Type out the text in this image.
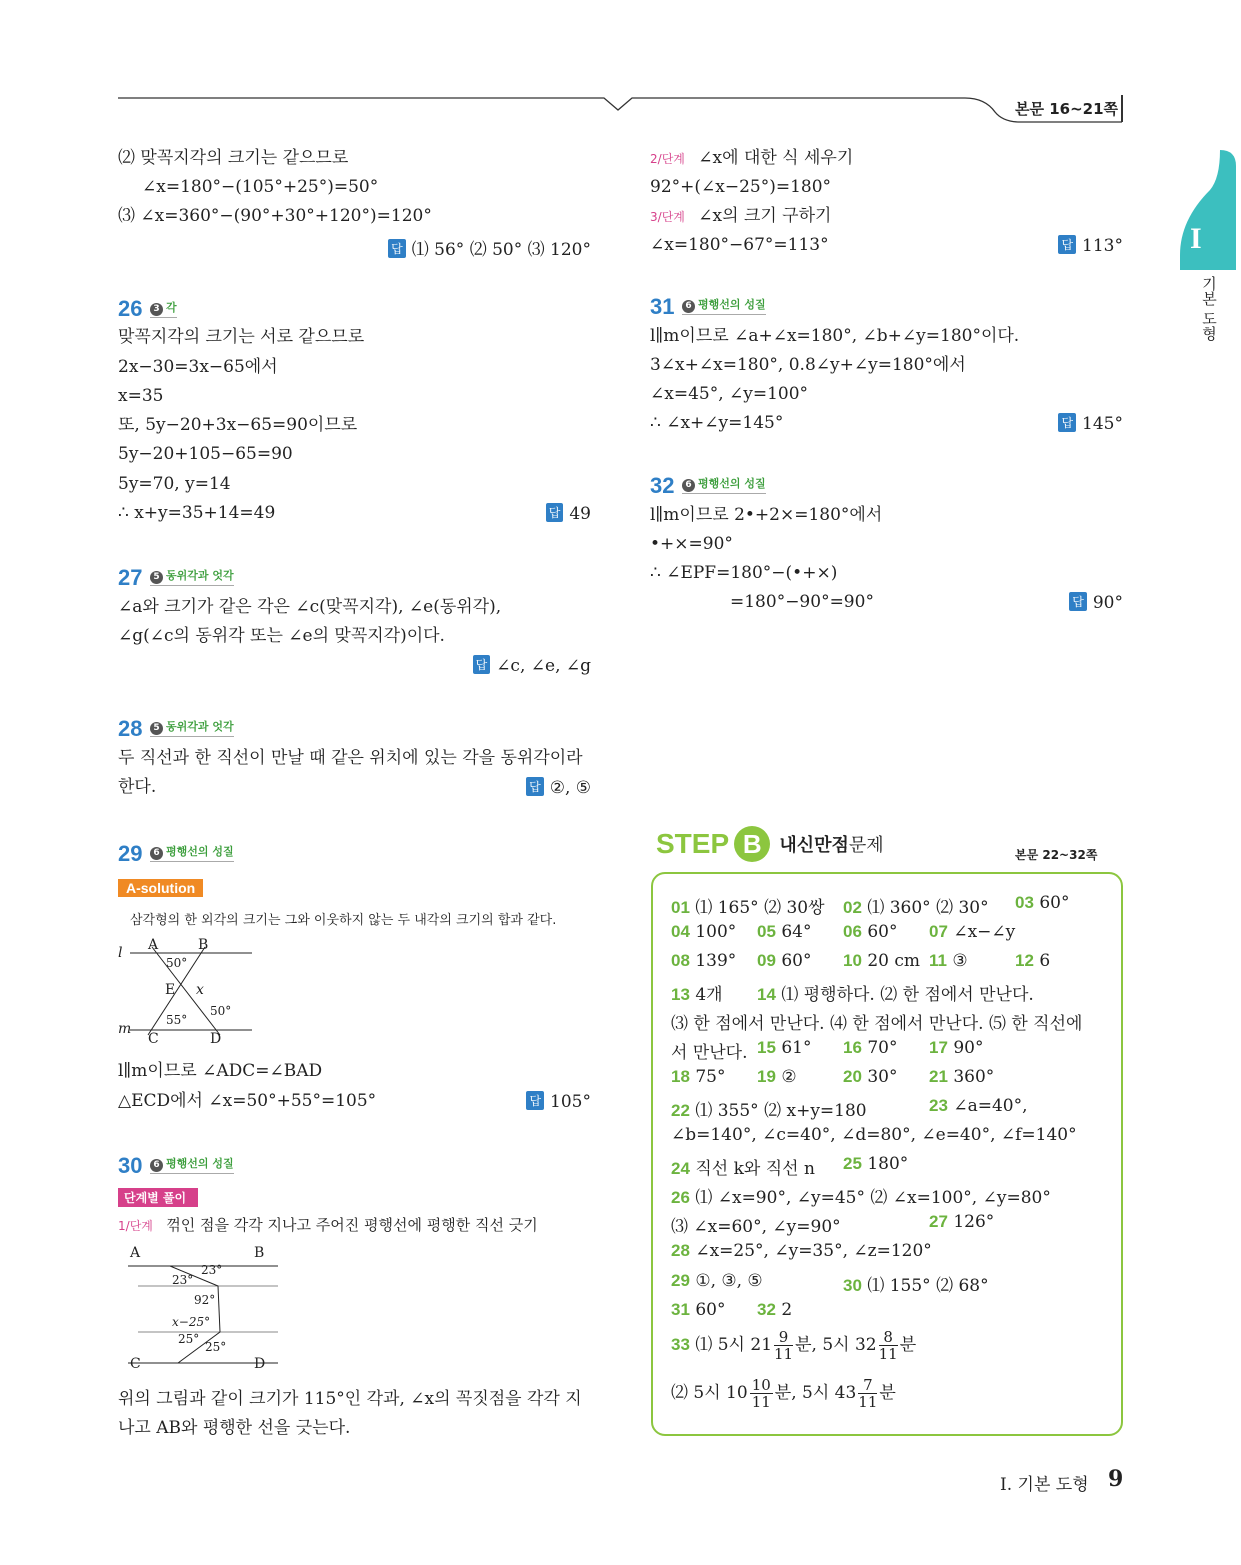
본문 16~21쪽
I
기본 도형
⑵ 맞꼭지각의 크기는 같으므로
∠x=180°−(105°+25°)=50°
⑶ ∠x=360°−(90°+30°+120°)=120°
답 ⑴ 56° ⑵ 50° ⑶ 120°
26	3 각
맞꼭지각의 크기는 서로 같으므로
2x−30=3x−65에서
x=35
또, 5y−20+3x−65=90이므로
5y−20+105−65=90
5y=70, y=14
∴ x+y=35+14=49	답 49
27	5 동위각과 엇각
∠a와 크기가 같은 각은 ∠c(맞꼭지각), ∠e(동위각),
∠g(∠c의 동위각 또는 ∠e의 맞꼭지각)이다.
답 ∠c, ∠e, ∠g
28	5 동위각과 엇각
두 직선과 한 직선이 만날 때 같은 위치에 있는 각을 동위각이라
한다.	답 ②, ⑤
29	6 평행선의 성질
A-solution
삼각형의 한 외각의 크기는 그와 이웃하지 않는 두 내각의 크기의 합과 같다.
l A	B
50°
E x
50°
55°
m
C	D
l∥m이므로 ∠ADC=∠BAD
△ECD에서 ∠x=50°+55°=105°	답 105°
30	6 평행선의 성질
단계별 풀이
1/단계 꺾인 점을 각각 지나고 주어진 평행선에 평행한 직선 긋기
A	B
23°
23°
92°
x−25°
25°
25°
C	D
위의 그림과 같이 크기가 115°인 각과, ∠x의 꼭짓점을 각각 지
나고 AB와 평행한 선을 긋는다.
2/단계 ∠x에 대한 식 세우기
92°+(∠x−25°)=180°
3/단계 ∠x의 크기 구하기
∠x=180°−67°=113°	답 113°
31	6 평행선의 성질
l∥m이므로 ∠a+∠x=180°, ∠b+∠y=180°이다.
3∠x+∠x=180°, 0.8∠y+∠y=180°에서
∠x=45°, ∠y=100°
∴ ∠x+∠y=145°	답 145°
32	6 평행선의 성질
l∥m이므로 2•+2×=180°에서
•+×=90°
∴ ∠EPF=180°−(•+×)
=180°−90°=90°	답 90°
STEP B 내신만점문제	본문 22~32쪽
01 ⑴ 165° ⑵ 30쌍 02 ⑴ 360° ⑵ 30° 03 60°
04 100° 05 64° 06 60° 07 ∠x−∠y
08 139° 09 60° 10 20 cm 11 ③	12 6
13 4개 14 ⑴ 평행하다. ⑵ 한 점에서 만난다.
⑶ 한 점에서 만난다. ⑷ 한 점에서 만난다. ⑸ 한 직선에
서 만난다. 15 61° 16 70° 17 90°
18 75° 19 ②	20 30° 21 360°
22 ⑴ 355° ⑵ x+y=180	23 ∠a=40°,
∠b=140°, ∠c=40°, ∠d=80°, ∠e=40°, ∠f=140°
24 직선 k와 직선 n 25 180°
26 ⑴ ∠x=90°, ∠y=45° ⑵ ∠x=100°, ∠y=80°
⑶ ∠x=60°, ∠y=90°	27 126°
28 ∠x=25°, ∠y=35°, ∠z=120°
29 ①, ③, ⑤	30 ⑴ 155° ⑵ 68°
31 60° 32 2
33 ⑴ 5시 $21 \frac{9}{11}$ 분, 5시 $32 \frac{8}{11}$ 분
⑵ 5시 $10 \frac{10}{11}$ 분, 5시 $43 \frac{7}{11}$ 분
I. 기본 도형 9
